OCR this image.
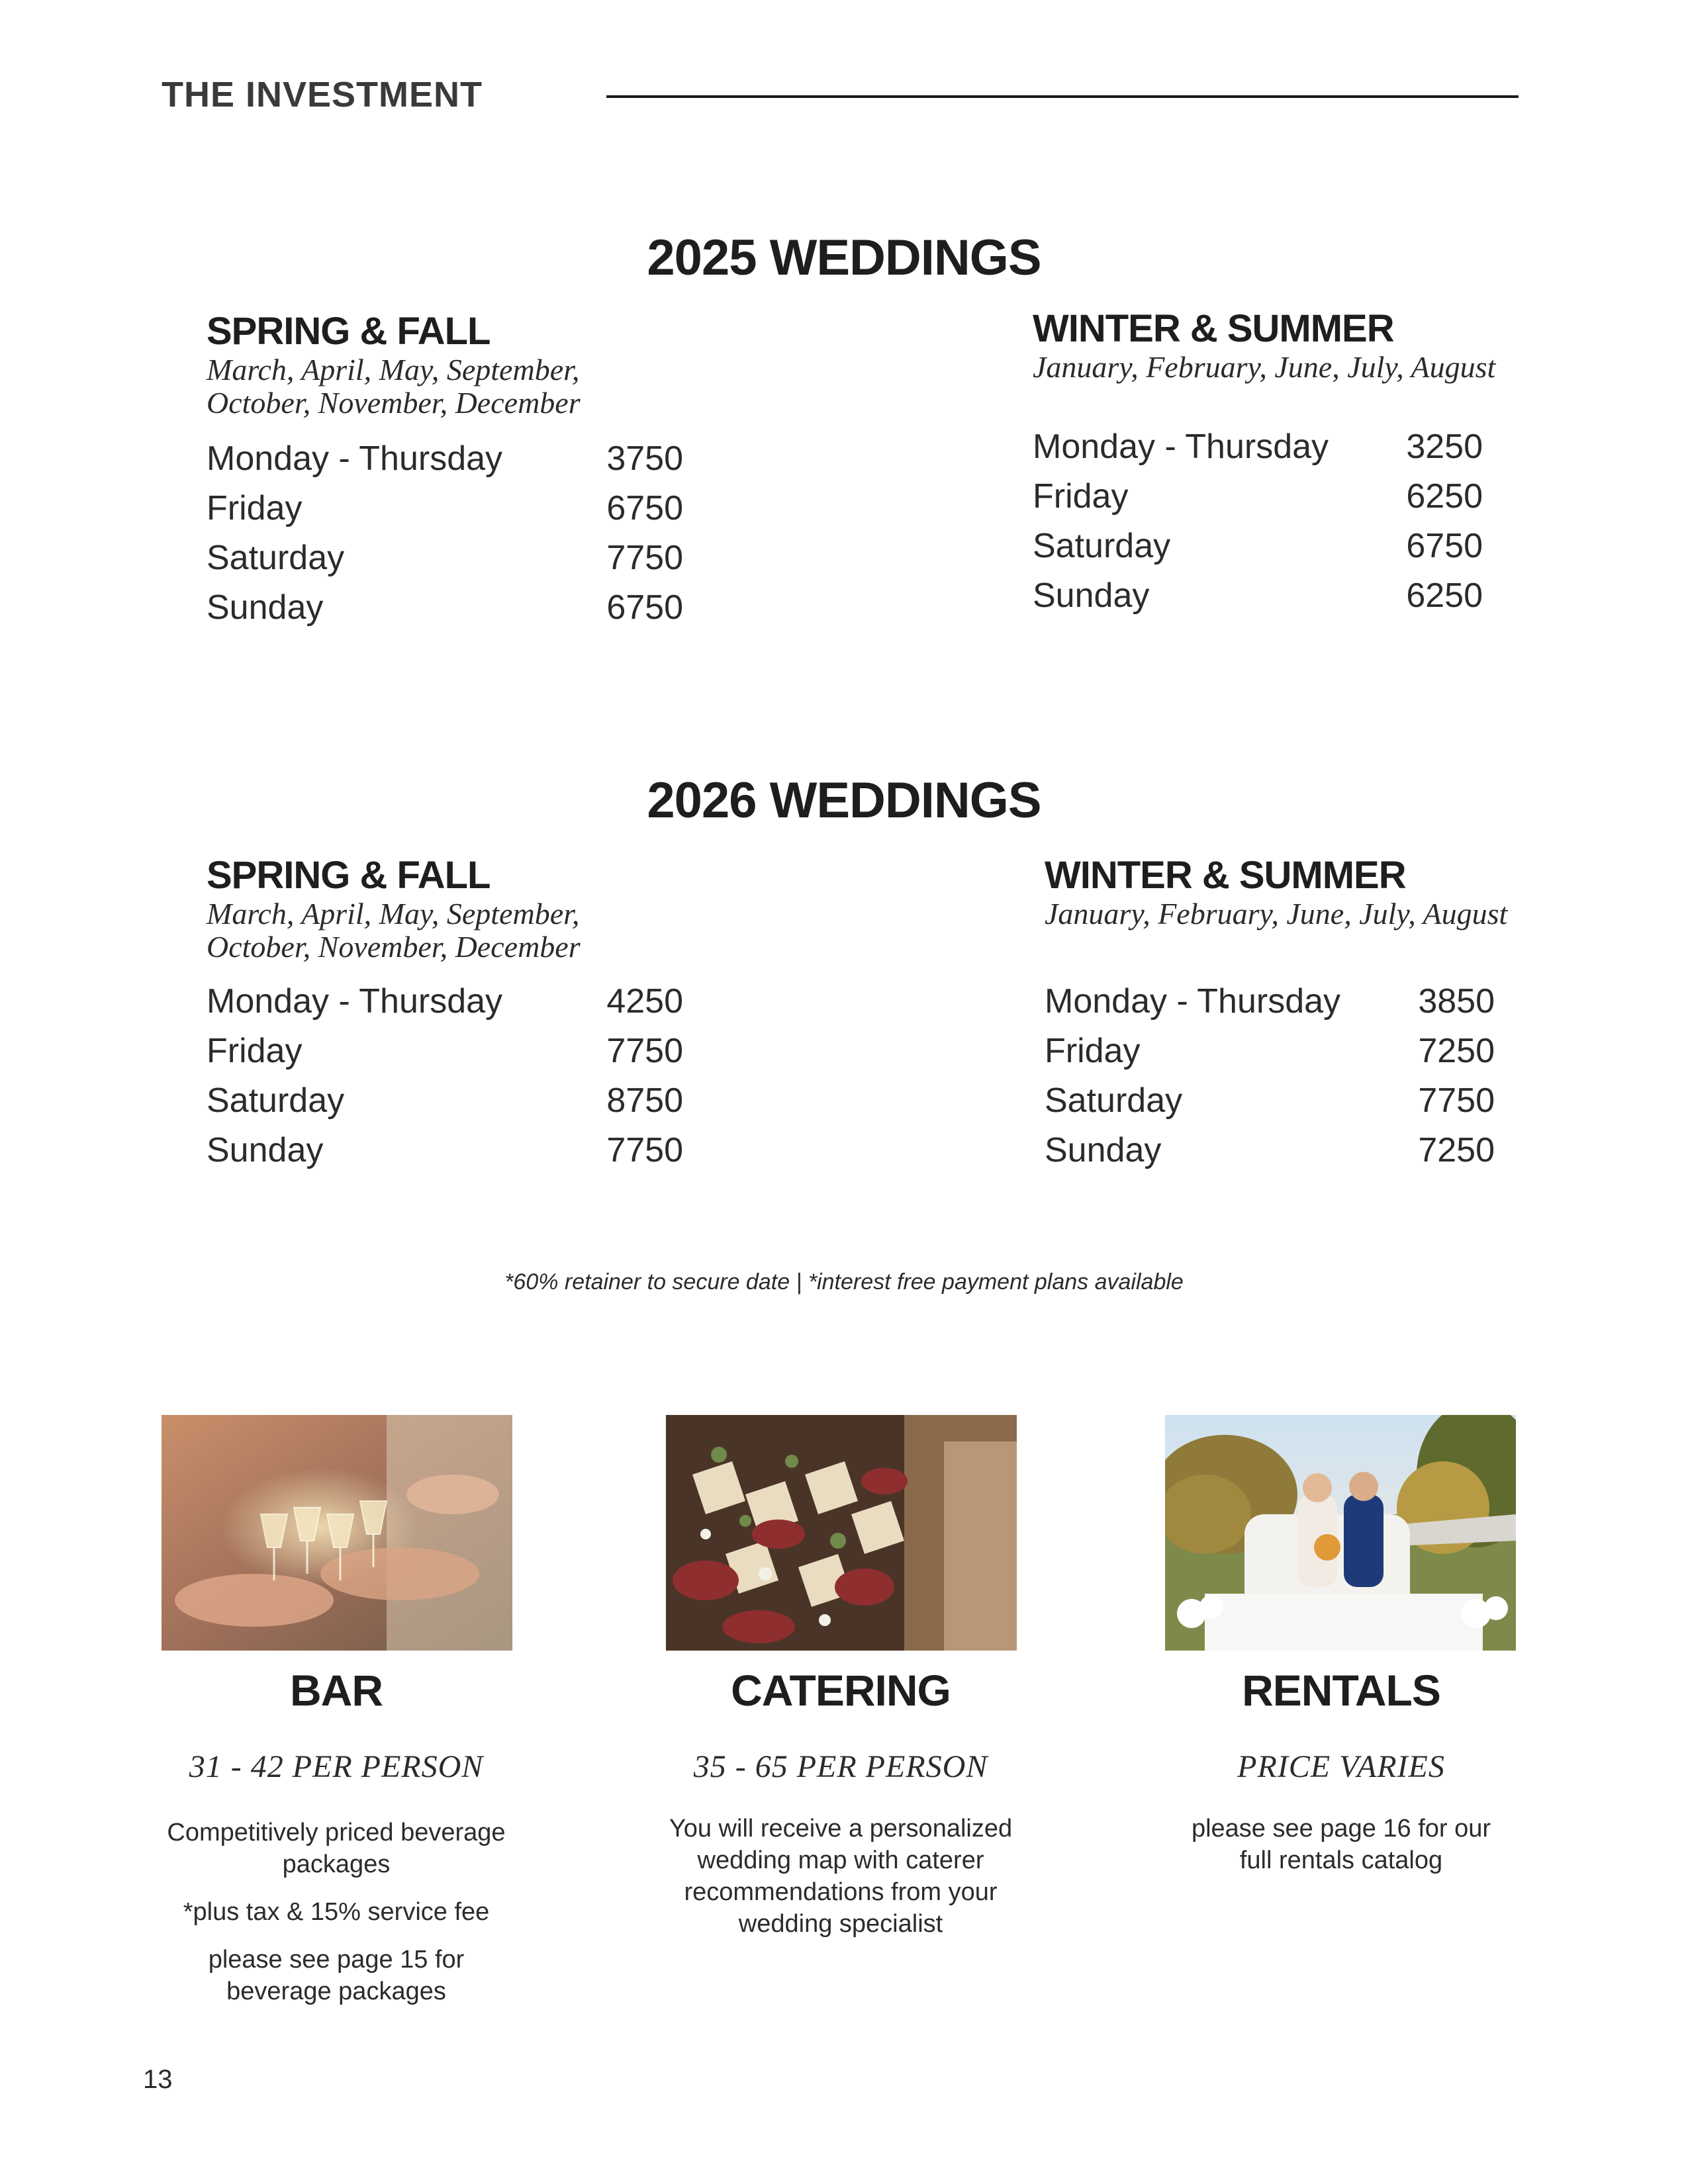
THE INVESTMENT
2025 WEDDINGS
SPRING & FALL
March, April, May, September, October, November, December
Monday - Thursday	3750
Friday	6750
Saturday	7750
Sunday	6750
WINTER & SUMMER
January, February, June, July, August
Monday - Thursday 3250
Friday	6250
Saturday	6750
Sunday	6250
2026 WEDDINGS
SPRING & FALL
March, April, May, September, October, November, December
Monday - Thursday	4250
Friday	7750
Saturday	8750
Sunday	7750
WINTER & SUMMER
January, February, June, July, August
Monday - Thursday 3850
Friday	7250
Saturday	7750
Sunday	7250
*60% retainer to secure date | *interest free payment plans available
BAR
31 - 42 PER PERSON
Competitively priced beverage packages
*plus tax & 15% service fee
please see page 15 for beverage packages
CATERING
35 - 65 PER PERSON
You will receive a personalized wedding map with caterer recommendations from your wedding specialist
RENTALS
PRICE VARIES
please see page 16 for our full rentals catalog
13
